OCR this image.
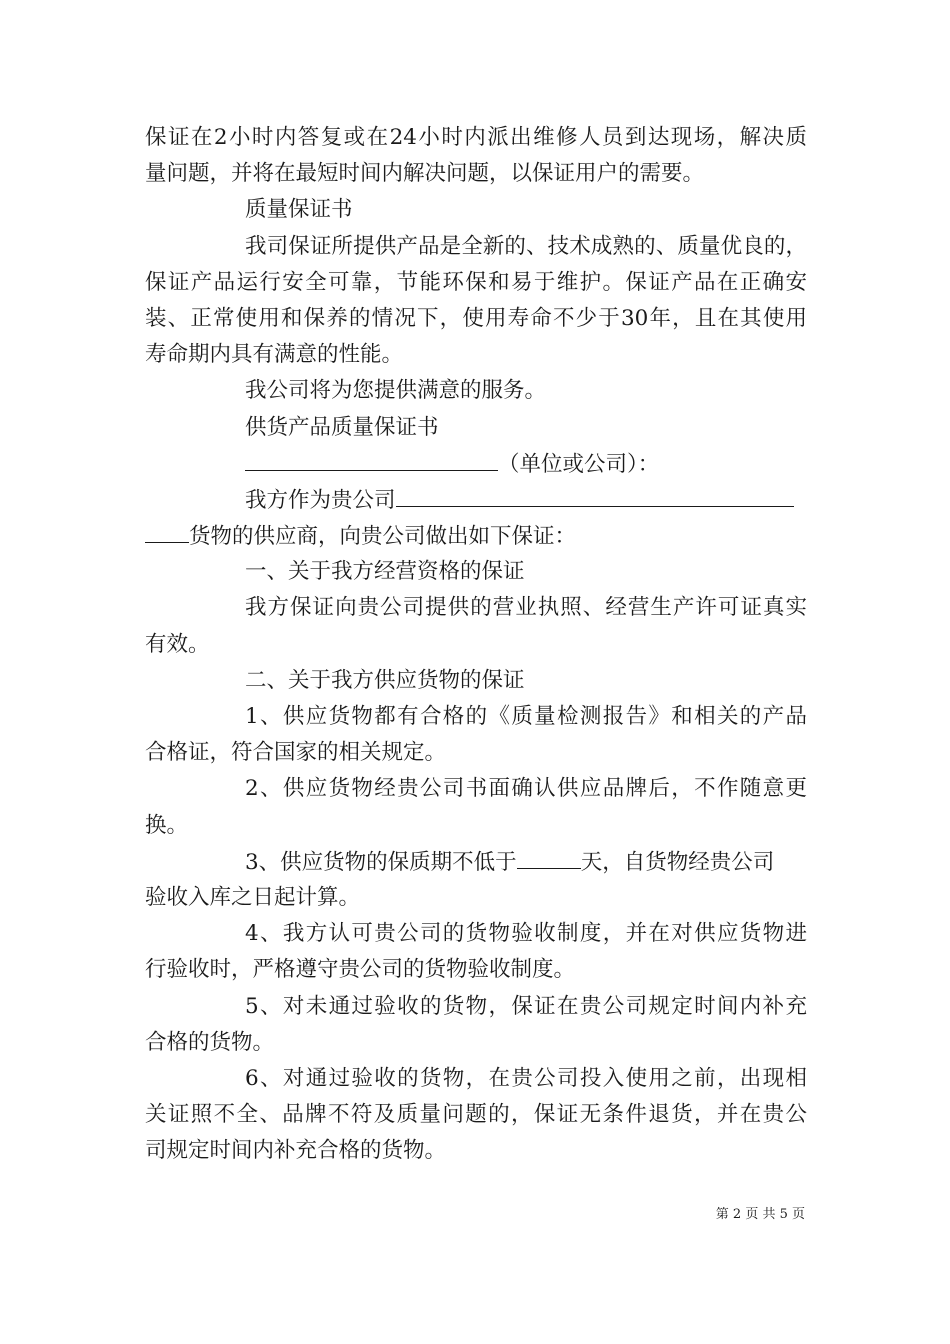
保证在2小时内答复或在24小时内派出维修人员到达现场，解决质
量问题，并将在最短时间内解决问题，以保证用户的需要。
质量保证书
我司保证所提供产品是全新的、技术成熟的、质量优良的，
保证产品运行安全可靠，节能环保和易于维护。保证产品在正确安
装、正常使用和保养的情况下，使用寿命不少于30年，且在其使用
寿命期内具有满意的性能。
我公司将为您提供满意的服务。
供货产品质量保证书
（单位或公司）：
我方作为贵公司
货物的供应商，向贵公司做出如下保证：
一、关于我方经营资格的保证
我方保证向贵公司提供的营业执照、经营生产许可证真实
有效。
二、关于我方供应货物的保证
1、供应货物都有合格的《质量检测报告》和相关的产品
合格证，符合国家的相关规定。
2、供应货物经贵公司书面确认供应品牌后，不作随意更
换。
3、供应货物的保质期不低于	天，自货物经贵公司
验收入库之日起计算。
4、我方认可贵公司的货物验收制度，并在对供应货物进
行验收时，严格遵守贵公司的货物验收制度。
5、对未通过验收的货物，保证在贵公司规定时间内补充
合格的货物。
6、对通过验收的货物，在贵公司投入使用之前，出现相
关证照不全、品牌不符及质量问题的，保证无条件退货，并在贵公
司规定时间内补充合格的货物。
第 2 页 共 5 页
